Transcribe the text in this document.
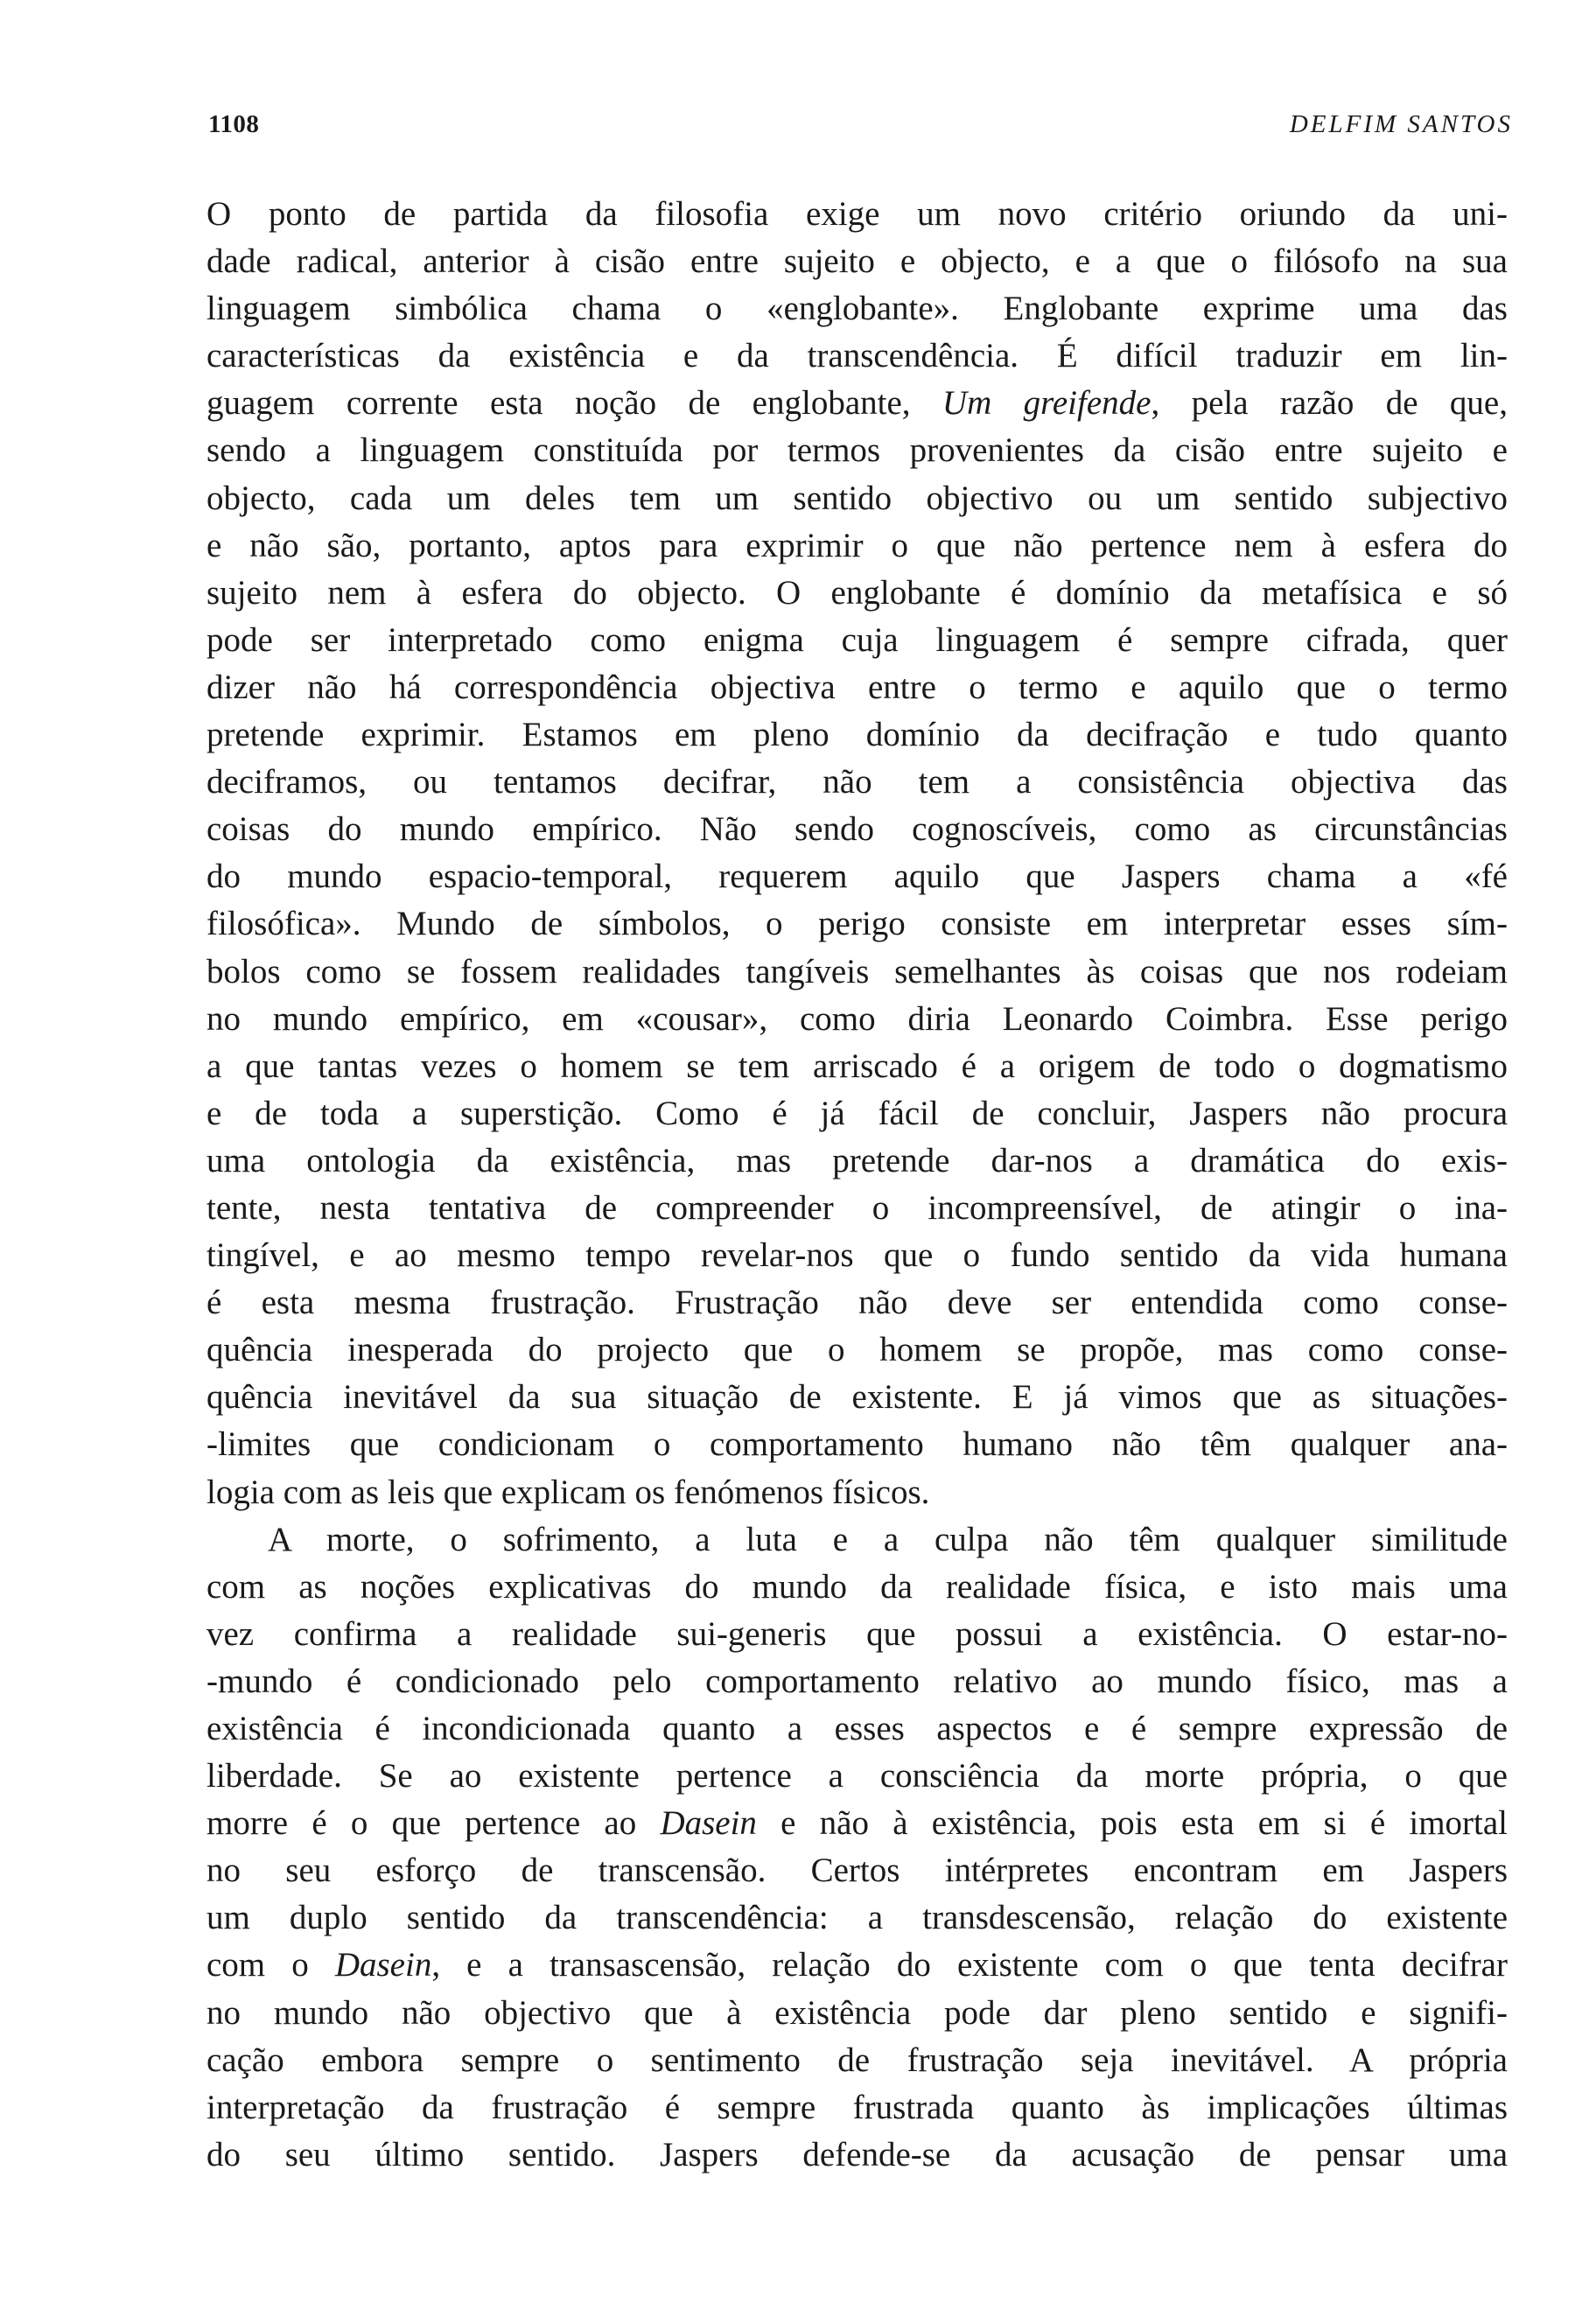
1108	DELFIM SANTOS

O ponto de partida da filosofia exige um novo critério oriundo da uni-
dade radical, anterior à cisão entre sujeito e objecto, e a que o filósofo na sua
linguagem simbólica chama o «englobante». Englobante exprime uma das
características da existência e da transcendência. É difícil traduzir em lin-
guagem corrente esta noção de englobante, Um greifende, pela razão de que,
sendo a linguagem constituída por termos provenientes da cisão entre sujeito e
objecto, cada um deles tem um sentido objectivo ou um sentido subjectivo
e não são, portanto, aptos para exprimir o que não pertence nem à esfera do
sujeito nem à esfera do objecto. O englobante é domínio da metafísica e só
pode ser interpretado como enigma cuja linguagem é sempre cifrada, quer
dizer não há correspondência objectiva entre o termo e aquilo que o termo
pretende exprimir. Estamos em pleno domínio da decifração e tudo quanto
deciframos, ou tentamos decifrar, não tem a consistência objectiva das
coisas do mundo empírico. Não sendo cognoscíveis, como as circunstâncias
do mundo espacio-temporal, requerem aquilo que Jaspers chama a «fé
filosófica». Mundo de símbolos, o perigo consiste em interpretar esses sím-
bolos como se fossem realidades tangíveis semelhantes às coisas que nos rodeiam
no mundo empírico, em «cousar», como diria Leonardo Coimbra. Esse perigo
a que tantas vezes o homem se tem arriscado é a origem de todo o dogmatismo
e de toda a superstição. Como é já fácil de concluir, Jaspers não procura
uma ontologia da existência, mas pretende dar-nos a dramática do exis-
tente, nesta tentativa de compreender o incompreensível, de atingir o ina-
tingível, e ao mesmo tempo revelar-nos que o fundo sentido da vida humana
é esta mesma frustração. Frustração não deve ser entendida como conse-
quência inesperada do projecto que o homem se propõe, mas como conse-
quência inevitável da sua situação de existente. E já vimos que as situações-
-limites que condicionam o comportamento humano não têm qualquer ana-
logia com as leis que explicam os fenómenos físicos.

A morte, o sofrimento, a luta e a culpa não têm qualquer similitude
com as noções explicativas do mundo da realidade física, e isto mais uma
vez confirma a realidade sui-generis que possui a existência. O estar-no-
-mundo é condicionado pelo comportamento relativo ao mundo físico, mas a
existência é incondicionada quanto a esses aspectos e é sempre expressão de
liberdade. Se ao existente pertence a consciência da morte própria, o que
morre é o que pertence ao Dasein e não à existência, pois esta em si é imortal
no seu esforço de transcensão. Certos intérpretes encontram em Jaspers
um duplo sentido da transcendência: a transdescensão, relação do existente
com o Dasein, e a transascensão, relação do existente com o que tenta decifrar
no mundo não objectivo que à existência pode dar pleno sentido e signifi-
cação embora sempre o sentimento de frustração seja inevitável. A própria
interpretação da frustração é sempre frustrada quanto às implicações últimas
do seu último sentido. Jaspers defende-se da acusação de pensar uma
